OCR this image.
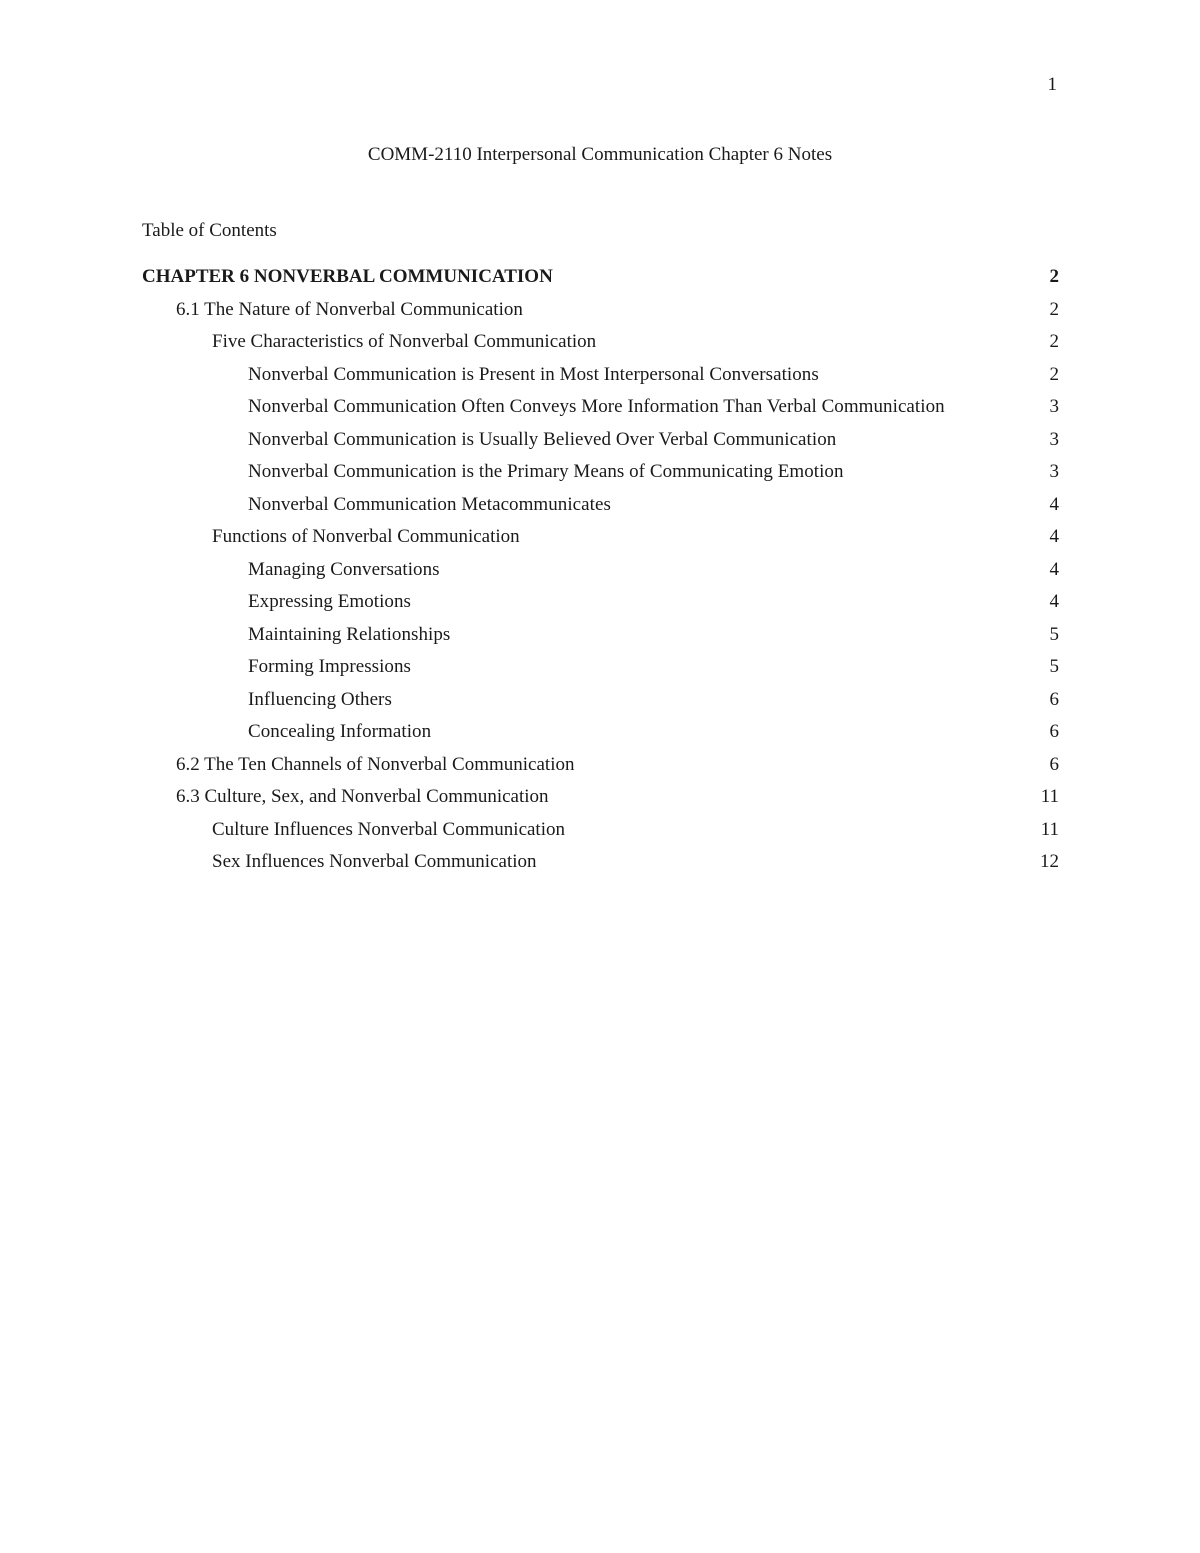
1
COMM-2110 Interpersonal Communication Chapter 6 Notes
Table of Contents
CHAPTER 6 NONVERBAL COMMUNICATION	2
6.1 The Nature of Nonverbal Communication	2
Five Characteristics of Nonverbal Communication	2
Nonverbal Communication is Present in Most Interpersonal Conversations	2
Nonverbal Communication Often Conveys More Information Than Verbal Communication	3
Nonverbal Communication is Usually Believed Over Verbal Communication	3
Nonverbal Communication is the Primary Means of Communicating Emotion	3
Nonverbal Communication Metacommunicates	4
Functions of Nonverbal Communication	4
Managing Conversations	4
Expressing Emotions	4
Maintaining Relationships	5
Forming Impressions	5
Influencing Others	6
Concealing Information	6
6.2 The Ten Channels of Nonverbal Communication	6
6.3 Culture, Sex, and Nonverbal Communication	11
Culture Influences Nonverbal Communication	11
Sex Influences Nonverbal Communication	12
